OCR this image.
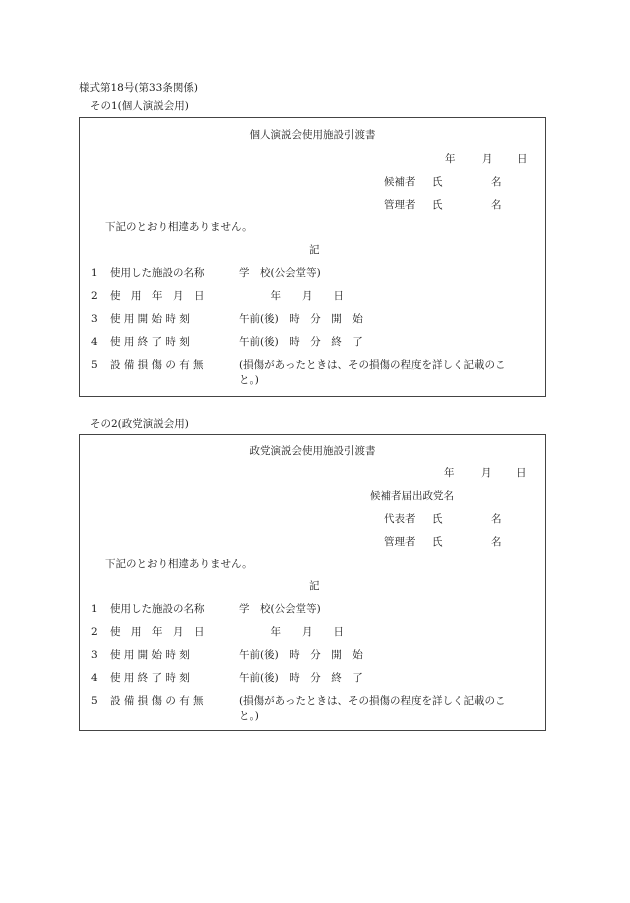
様式第18号(第33条関係)
その1(個人演説会用)
個人演説会使用施設引渡書
年	月 日
候補者 氏	名
管理者 氏	名
下記のとおり相違ありません。
記
1 使用した施設の名称	学　校(公会堂等)
2 使　用　年　月　日	　　　年　　月　　日
3 使 用 開 始 時 刻	午前(後)　時　分　開　始
4 使 用 終 了 時 刻	午前(後)　時　分　終　了
5 設 備 損 傷 の 有 無	(損傷があったときは、その損傷の程度を詳しく記載のこ
と。)
その2(政党演説会用)
政党演説会使用施設引渡書
年	月 日
候補者届出政党名
代表者 氏	名
管理者 氏	名
下記のとおり相違ありません。
記
1 使用した施設の名称	学　校(公会堂等)
2 使　用　年　月　日	　　　年　　月　　日
3 使 用 開 始 時 刻	午前(後)　時　分　開　始
4 使 用 終 了 時 刻	午前(後)　時　分　終　了
5 設 備 損 傷 の 有 無	(損傷があったときは、その損傷の程度を詳しく記載のこ
と。)
